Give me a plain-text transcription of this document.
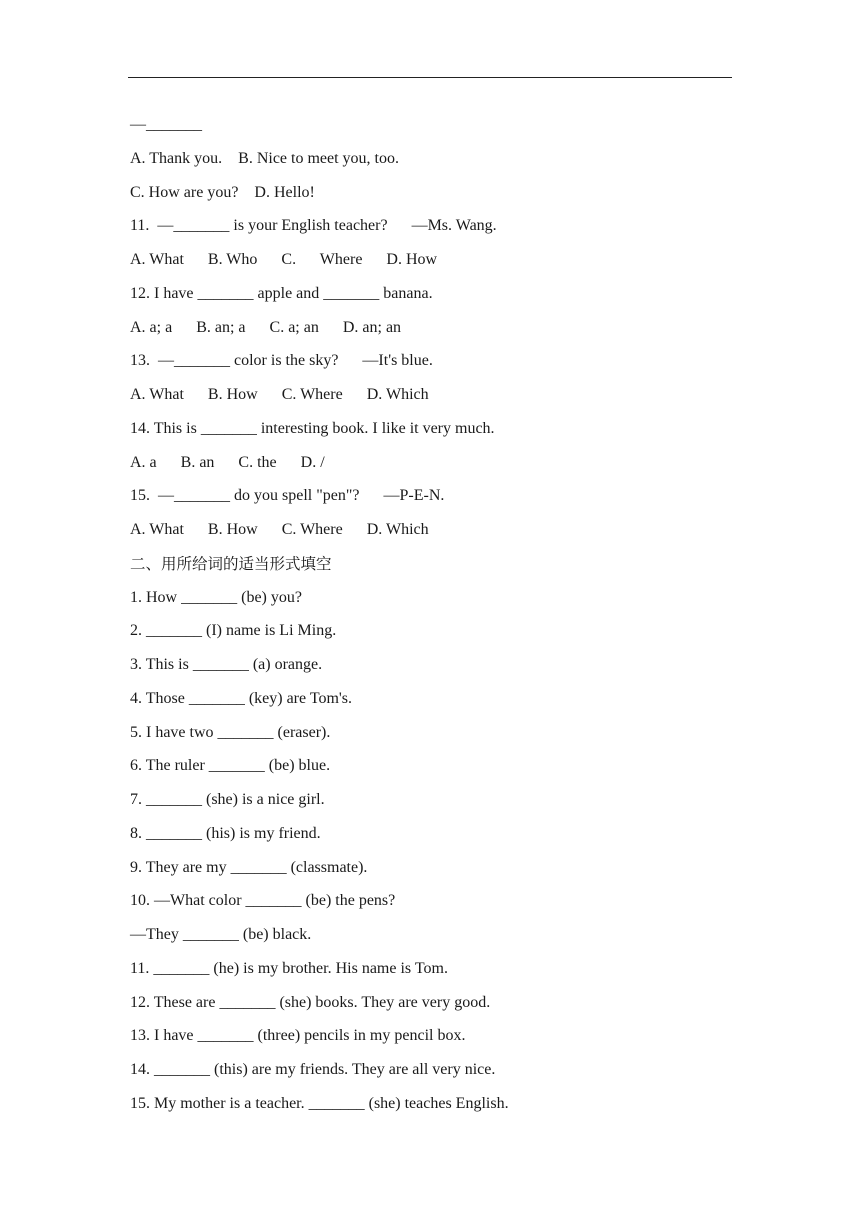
—_______
A. Thank you.    B. Nice to meet you, too.
C. How are you?    D. Hello!
11.  —_______ is your English teacher?      —Ms. Wang.
A. What      B. Who      C.      Where      D. How
12. I have _______ apple and _______ banana.
A. a; a      B. an; a      C. a; an      D. an; an
13.  —_______ color is the sky?      —It's blue.
A. What      B. How      C. Where      D. Which
14. This is _______ interesting book. I like it very much.
A. a      B. an      C. the      D. /
15.  —_______ do you spell "pen"?      —P-E-N.
A. What      B. How      C. Where      D. Which
二、用所给词的适当形式填空
1. How _______ (be) you?
2. _______ (I) name is Li Ming.
3. This is _______ (a) orange.
4. Those _______ (key) are Tom's.
5. I have two _______ (eraser).
6. The ruler _______ (be) blue.
7. _______ (she) is a nice girl.
8. _______ (his) is my friend.
9. They are my _______ (classmate).
10. —What color _______ (be) the pens?
—They _______ (be) black.
11. _______ (he) is my brother. His name is Tom.
12. These are _______ (she) books. They are very good.
13. I have _______ (three) pencils in my pencil box.
14. _______ (this) are my friends. They are all very nice.
15. My mother is a teacher. _______ (she) teaches English.
